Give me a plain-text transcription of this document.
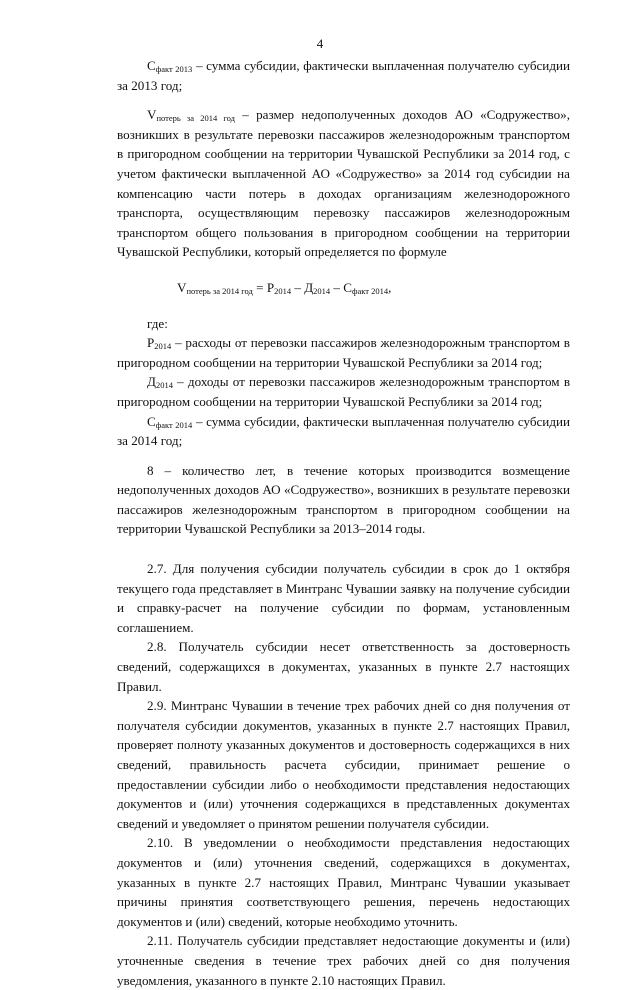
4

$С_{факт 2013}$ – сумма субсидии, фактически выплаченная получателю субсидии за 2013 год;

$V_{потерь за 2014 год}$ – размер недополученных доходов АО «Содружество», возникших в результате перевозки пассажиров железнодорожным транспортом в пригородном сообщении на территории Чувашской Республики за 2014 год, с учетом фактически выплаченной АО «Содружество» за 2014 год субсидии на компенсацию части потерь в доходах организациям железнодорожного транспорта, осуществляющим перевозку пассажиров железнодорожным транспортом общего пользования в пригородном сообщении на территории Чувашской Республики, который определяется по формуле

$V_{потерь за 2014 год} = Р_{2014} - Д_{2014} - С_{факт 2014}$,

где:

$Р_{2014}$ – расходы от перевозки пассажиров железнодорожным транспортом в пригородном сообщении на территории Чувашской Республики за 2014 год;

$Д_{2014}$ – доходы от перевозки пассажиров железнодорожным транспортом в пригородном сообщении на территории Чувашской Республики за 2014 год;

$С_{факт 2014}$ – сумма субсидии, фактически выплаченная получателю субсидии за 2014 год;

8 – количество лет, в течение которых производится возмещение недополученных доходов АО «Содружество», возникших в результате перевозки пассажиров железнодорожным транспортом в пригородном сообщении на территории Чувашской Республики за 2013–2014 годы.

2.7. Для получения субсидии получатель субсидии в срок до 1 октября текущего года представляет в Минтранс Чувашии заявку на получение субсидии и справку-расчет на получение субсидии по формам, установленным соглашением.

2.8. Получатель субсидии несет ответственность за достоверность сведений, содержащихся в документах, указанных в пункте 2.7 настоящих Правил.

2.9. Минтранс Чувашии в течение трех рабочих дней со дня получения от получателя субсидии документов, указанных в пункте 2.7 настоящих Правил, проверяет полноту указанных документов и достоверность содержащихся в них сведений, правильность расчета субсидии, принимает решение о предоставлении субсидии либо о необходимости представления недостающих документов и (или) уточнения содержащихся в представленных документах сведений и уведомляет о принятом решении получателя субсидии.

2.10. В уведомлении о необходимости представления недостающих документов и (или) уточнения сведений, содержащихся в документах, указанных в пункте 2.7 настоящих Правил, Минтранс Чувашии указывает причины принятия соответствующего решения, перечень недостающих документов и (или) сведений, которые необходимо уточнить.

2.11. Получатель субсидии представляет недостающие документы и (или) уточненные сведения в течение трех рабочих дней со дня получения уведомления, указанного в пункте 2.10 настоящих Правил.
